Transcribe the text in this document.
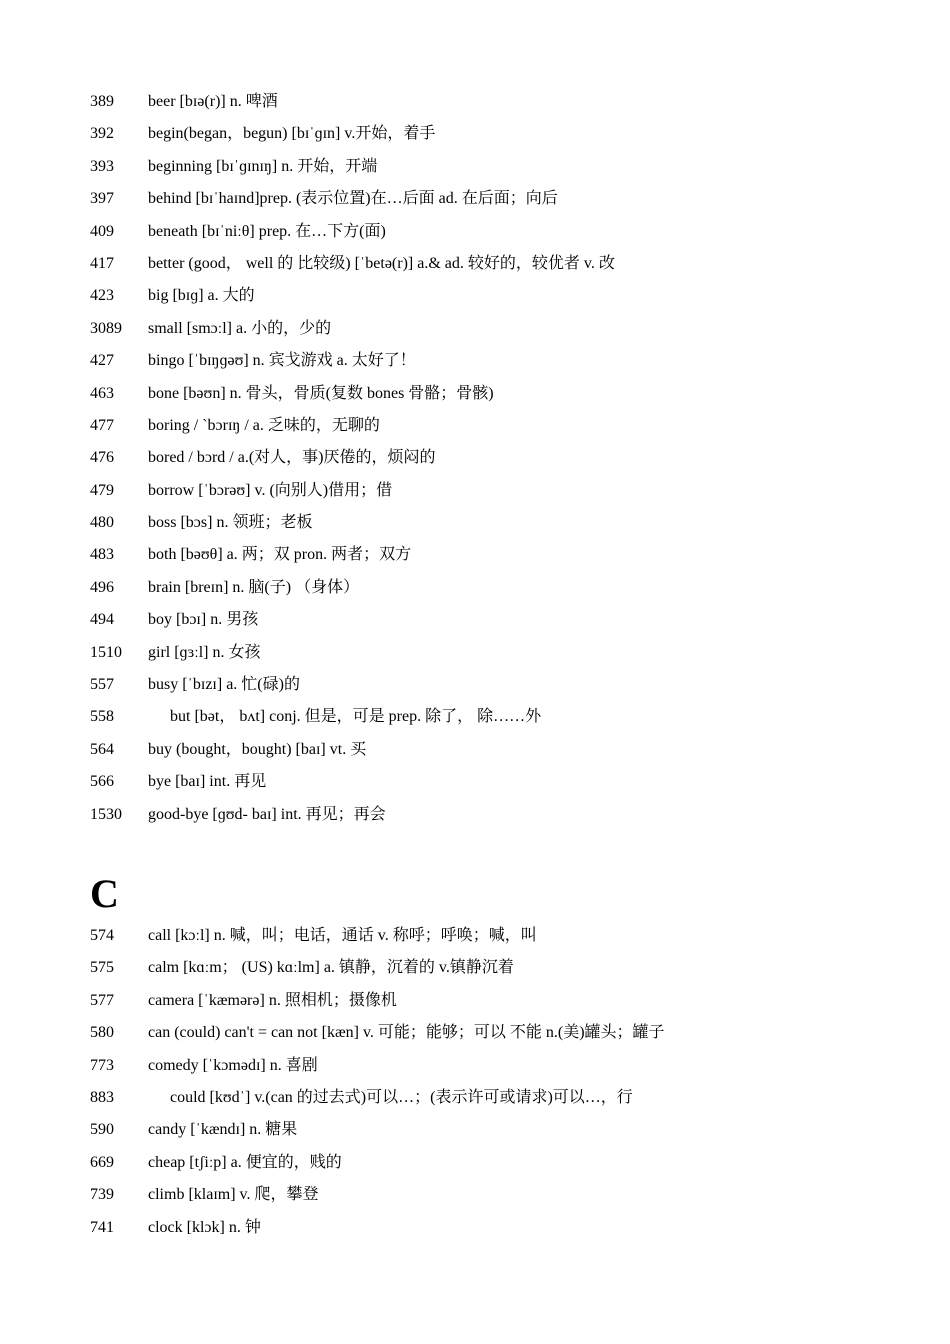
389 beer [bɪə(r)] n. 啤酒
392 begin(began，begun) [bɪˈɡɪn] v.开始，着手
393 beginning [bɪˈɡɪnɪŋ] n. 开始，开端
397 behind [bɪˈhaɪnd]prep. (表示位置)在…后面 ad. 在后面；向后
409 beneath [bɪˈniːθ] prep. 在…下方(面)
417 better (good， well 的 比较级) [ˈbetə(r)] a.& ad. 较好的，较优者 v. 改
423 big [bɪɡ] a. 大的
3089 small [smɔːl] a. 小的，少的
427 bingo [ˈbɪŋɡəʊ] n. 宾戈游戏 a. 太好了！
463 bone [bəʊn] n. 骨头，骨质(复数 bones 骨骼；骨骸)
477 boring / `bɔrɪŋ / a. 乏味的，无聊的
476 bored / bɔrd / a.(对人，事)厌倦的，烦闷的
479 borrow [ˈbɔrəʊ] v. (向别人)借用；借
480 boss [bɔs] n. 领班；老板
483 both [bəʊθ] a. 两；双 pron. 两者；双方
496 brain [breɪn] n. 脑(子) （身体）
494 boy [bɔɪ] n. 男孩
1510 girl [ɡɜːl] n. 女孩
557 busy [ˈbɪzɪ] a. 忙(碌)的
558	but [bət， bʌt] conj. 但是，可是 prep. 除了， 除……外
564 buy (bought，bought) [baɪ] vt. 买
566 bye [baɪ] int. 再见
1530 good-bye [ɡʊd- baɪ] int. 再见；再会
C
574 call [kɔːl] n. 喊，叫；电话，通话 v. 称呼；呼唤；喊，叫
575 calm [kɑːm； (US) kɑːlm] a. 镇静，沉着的 v.镇静沉着
577 camera [ˈkæmərə] n. 照相机；摄像机
580 can (could) can't = can not [kæn] v. 可能；能够；可以 不能 n.(美)罐头；罐子
773 comedy [ˈkɔmədɪ] n. 喜剧
883	could [kʊdˈ] v.(can 的过去式)可以…；(表示许可或请求)可以…，行
590 candy [ˈkændɪ] n. 糖果
669 cheap [tʃiːp] a. 便宜的，贱的
739 climb [klaɪm] v. 爬，攀登
741 clock [klɔk] n. 钟
